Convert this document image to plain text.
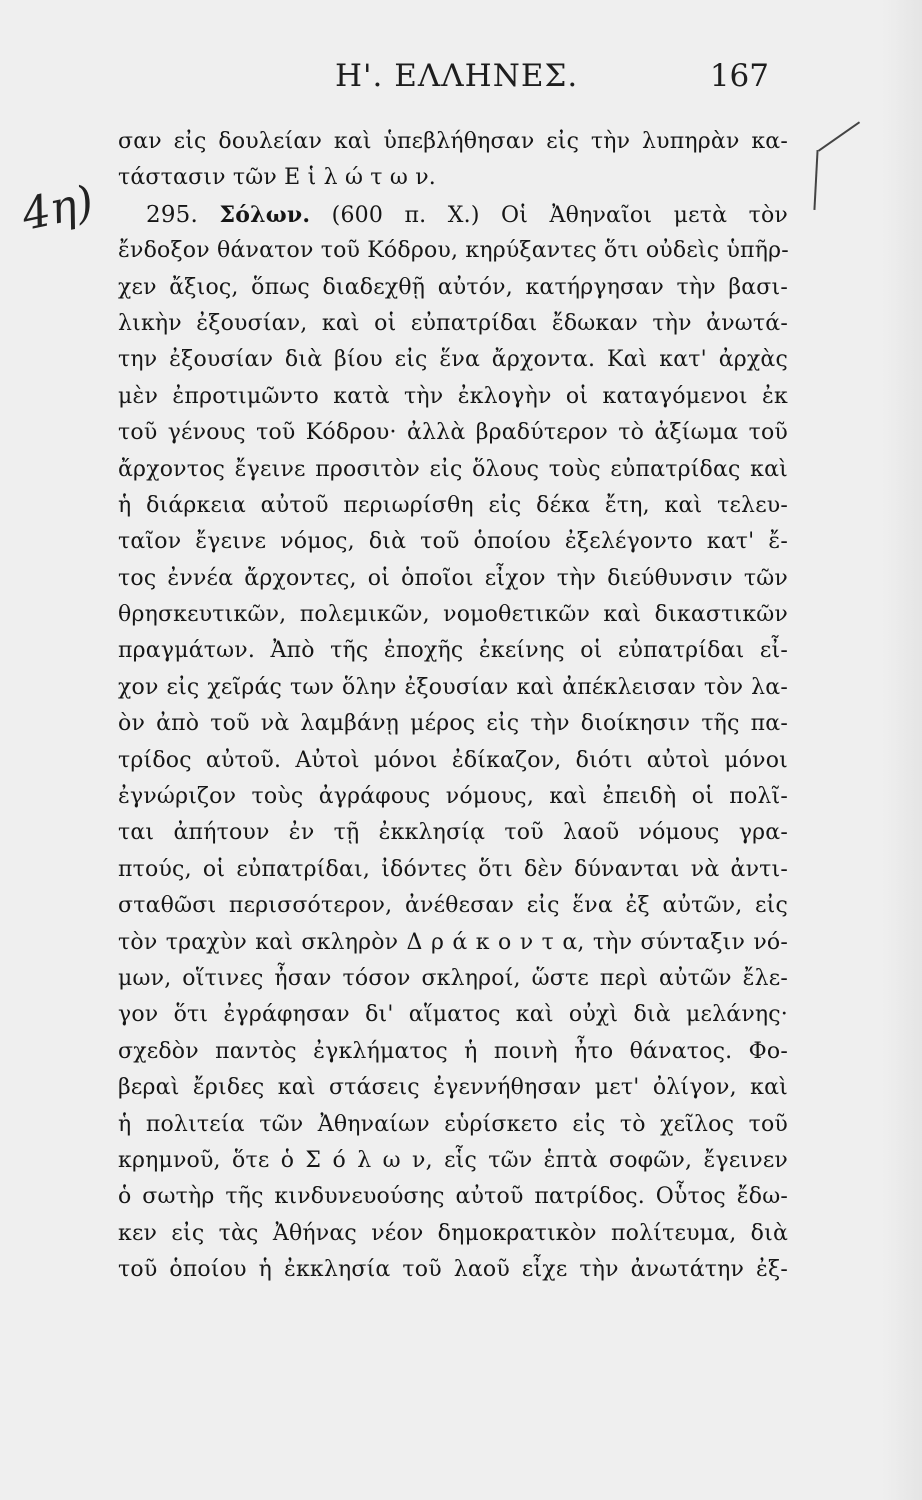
Η'. ΕΛΛΗΝΕΣ.	167
4η)
σαν εἰς δουλείαν καὶ ὑπεβλήθησαν εἰς τὴν λυπηρὰν κα-
τάστασιν τῶν Ε ἱ λ ώ τ ω ν.
295. Σόλων. (600 π. Χ.) Οἱ Ἀθηναῖοι μετὰ τὸν
ἔνδοξον θάνατον τοῦ Κόδρου, κηρύξαντες ὅτι οὐδεὶς ὑπῆρ-
χεν ἄξιος, ὅπως διαδεχθῇ αὐτόν, κατήργησαν τὴν βασι-
λικὴν ἐξουσίαν, καὶ οἱ εὐπατρίδαι ἔδωκαν τὴν ἀνωτά-
την ἐξουσίαν διὰ βίου εἰς ἕνα ἄρχοντα. Καὶ κατ' ἀρχὰς
μὲν ἐπροτιμῶντο κατὰ τὴν ἐκλογὴν οἱ καταγόμενοι ἐκ
τοῦ γένους τοῦ Κόδρου· ἀλλὰ βραδύτερον τὸ ἀξίωμα τοῦ
ἄρχοντος ἔγεινε προσιτὸν εἰς ὅλους τοὺς εὐπατρίδας καὶ
ἡ διάρκεια αὐτοῦ περιωρίσθη εἰς δέκα ἔτη, καὶ τελευ-
ταῖον ἔγεινε νόμος, διὰ τοῦ ὁποίου ἐξελέγοντο κατ' ἔ-
τος ἐννέα ἄρχοντες, οἱ ὁποῖοι εἶχον τὴν διεύθυνσιν τῶν
θρησκευτικῶν, πολεμικῶν, νομοθετικῶν καὶ δικαστικῶν
πραγμάτων. Ἀπὸ τῆς ἐποχῆς ἐκείνης οἱ εὐπατρίδαι εἶ-
χον εἰς χεῖράς των ὅλην ἐξουσίαν καὶ ἀπέκλεισαν τὸν λα-
ὸν ἀπὸ τοῦ νὰ λαμβάνῃ μέρος εἰς τὴν διοίκησιν τῆς πα-
τρίδος αὐτοῦ. Αὐτοὶ μόνοι ἐδίκαζον, διότι αὐτοὶ μόνοι
ἐγνώριζον τοὺς ἀγράφους νόμους, καὶ ἐπειδὴ οἱ πολῖ-
ται ἀπήτουν ἐν τῇ ἐκκλησίᾳ τοῦ λαοῦ νόμους γρα-
πτούς, οἱ εὐπατρίδαι, ἰδόντες ὅτι δὲν δύνανται νὰ ἀντι-
σταθῶσι περισσότερον, ἀνέθεσαν εἰς ἕνα ἐξ αὐτῶν, εἰς
τὸν τραχὺν καὶ σκληρὸν Δ ρ ά κ ο ν τ α, τὴν σύνταξιν νό-
μων, οἵτινες ἦσαν τόσον σκληροί, ὥστε περὶ αὐτῶν ἔλε-
γον ὅτι ἐγράφησαν δι' αἵματος καὶ οὐχὶ διὰ μελάνης·
σχεδὸν παντὸς ἐγκλήματος ἡ ποινὴ ἦτο θάνατος. Φο-
βεραὶ ἔριδες καὶ στάσεις ἐγεννήθησαν μετ' ὀλίγον, καὶ
ἡ πολιτεία τῶν Ἀθηναίων εὑρίσκετο εἰς τὸ χεῖλος τοῦ
κρημνοῦ, ὅτε ὁ Σ ό λ ω ν, εἷς τῶν ἑπτὰ σοφῶν, ἔγεινεν
ὁ σωτὴρ τῆς κινδυνευούσης αὐτοῦ πατρίδος. Οὗτος ἔδω-
κεν εἰς τὰς Ἀθήνας νέον δημοκρατικὸν πολίτευμα, διὰ
τοῦ ὁποίου ἡ ἐκκλησία τοῦ λαοῦ εἶχε τὴν ἀνωτάτην ἐξ-
